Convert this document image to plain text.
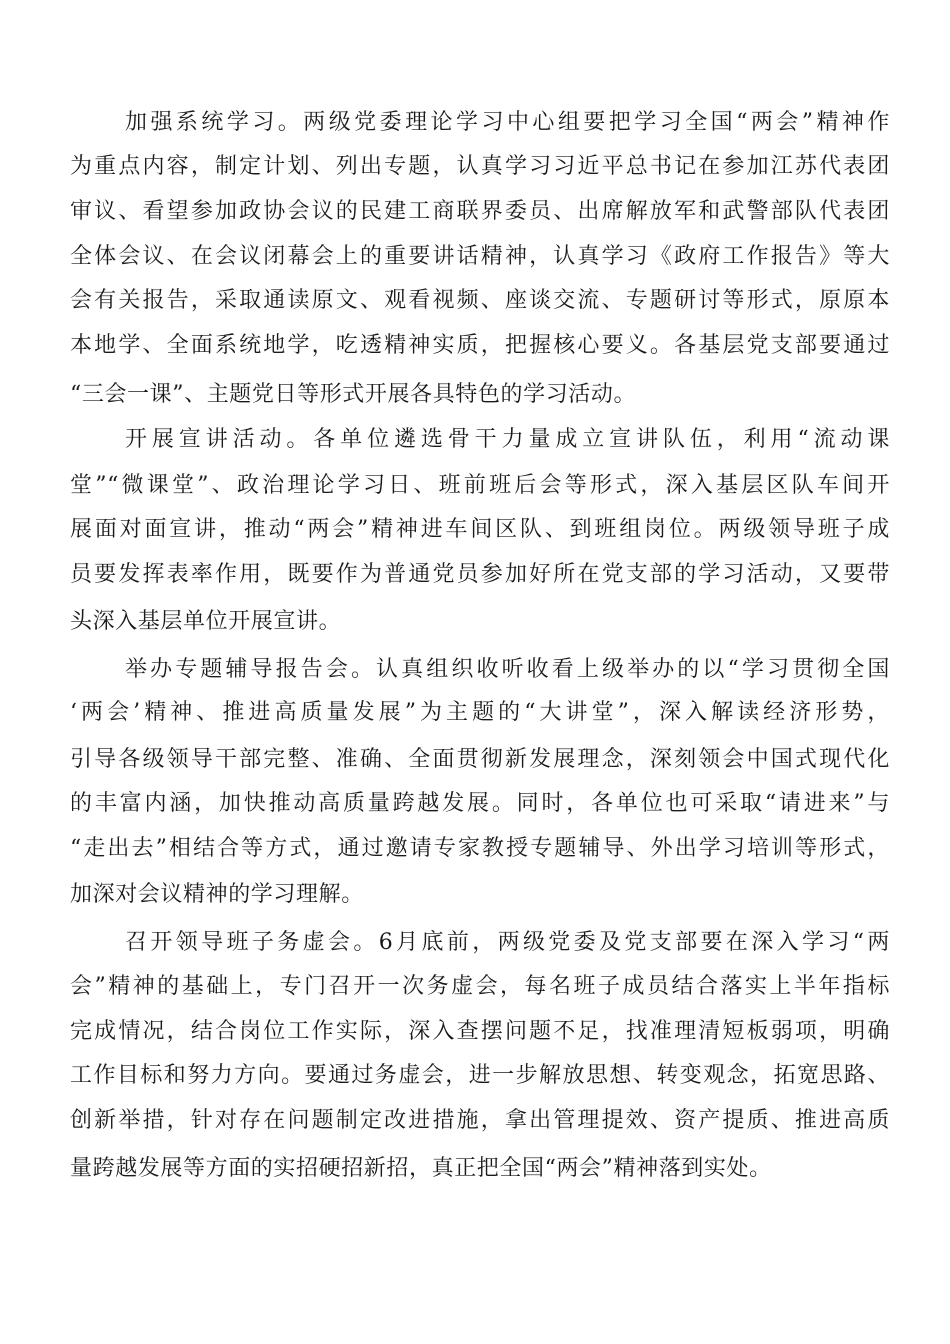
加强系统学习。两级党委理论学习中心组要把学习全国“两会”精神作
为重点内容，制定计划、列出专题，认真学习习近平总书记在参加江苏代表团
审议、看望参加政协会议的民建工商联界委员、出席解放军和武警部队代表团
全体会议、在会议闭幕会上的重要讲话精神，认真学习《政府工作报告》等大
会有关报告，采取通读原文、观看视频、座谈交流、专题研讨等形式，原原本
本地学、全面系统地学，吃透精神实质，把握核心要义。各基层党支部要通过
“三会一课”、主题党日等形式开展各具特色的学习活动。
开展宣讲活动。各单位遴选骨干力量成立宣讲队伍，利用“流动课
堂”“微课堂”、政治理论学习日、班前班后会等形式，深入基层区队车间开
展面对面宣讲，推动“两会”精神进车间区队、到班组岗位。两级领导班子成
员要发挥表率作用，既要作为普通党员参加好所在党支部的学习活动，又要带
头深入基层单位开展宣讲。
举办专题辅导报告会。认真组织收听收看上级举办的以“学习贯彻全国
‘两会’精神、推进高质量发展”为主题的“大讲堂”，深入解读经济形势，
引导各级领导干部完整、准确、全面贯彻新发展理念，深刻领会中国式现代化
的丰富内涵，加快推动高质量跨越发展。同时，各单位也可采取“请进来”与
“走出去”相结合等方式，通过邀请专家教授专题辅导、外出学习培训等形式，
加深对会议精神的学习理解。
召开领导班子务虚会。6月底前，两级党委及党支部要在深入学习“两
会”精神的基础上，专门召开一次务虚会，每名班子成员结合落实上半年指标
完成情况，结合岗位工作实际，深入查摆问题不足，找准理清短板弱项，明确
工作目标和努力方向。要通过务虚会，进一步解放思想、转变观念，拓宽思路、
创新举措，针对存在问题制定改进措施，拿出管理提效、资产提质、推进高质
量跨越发展等方面的实招硬招新招，真正把全国“两会”精神落到实处。
